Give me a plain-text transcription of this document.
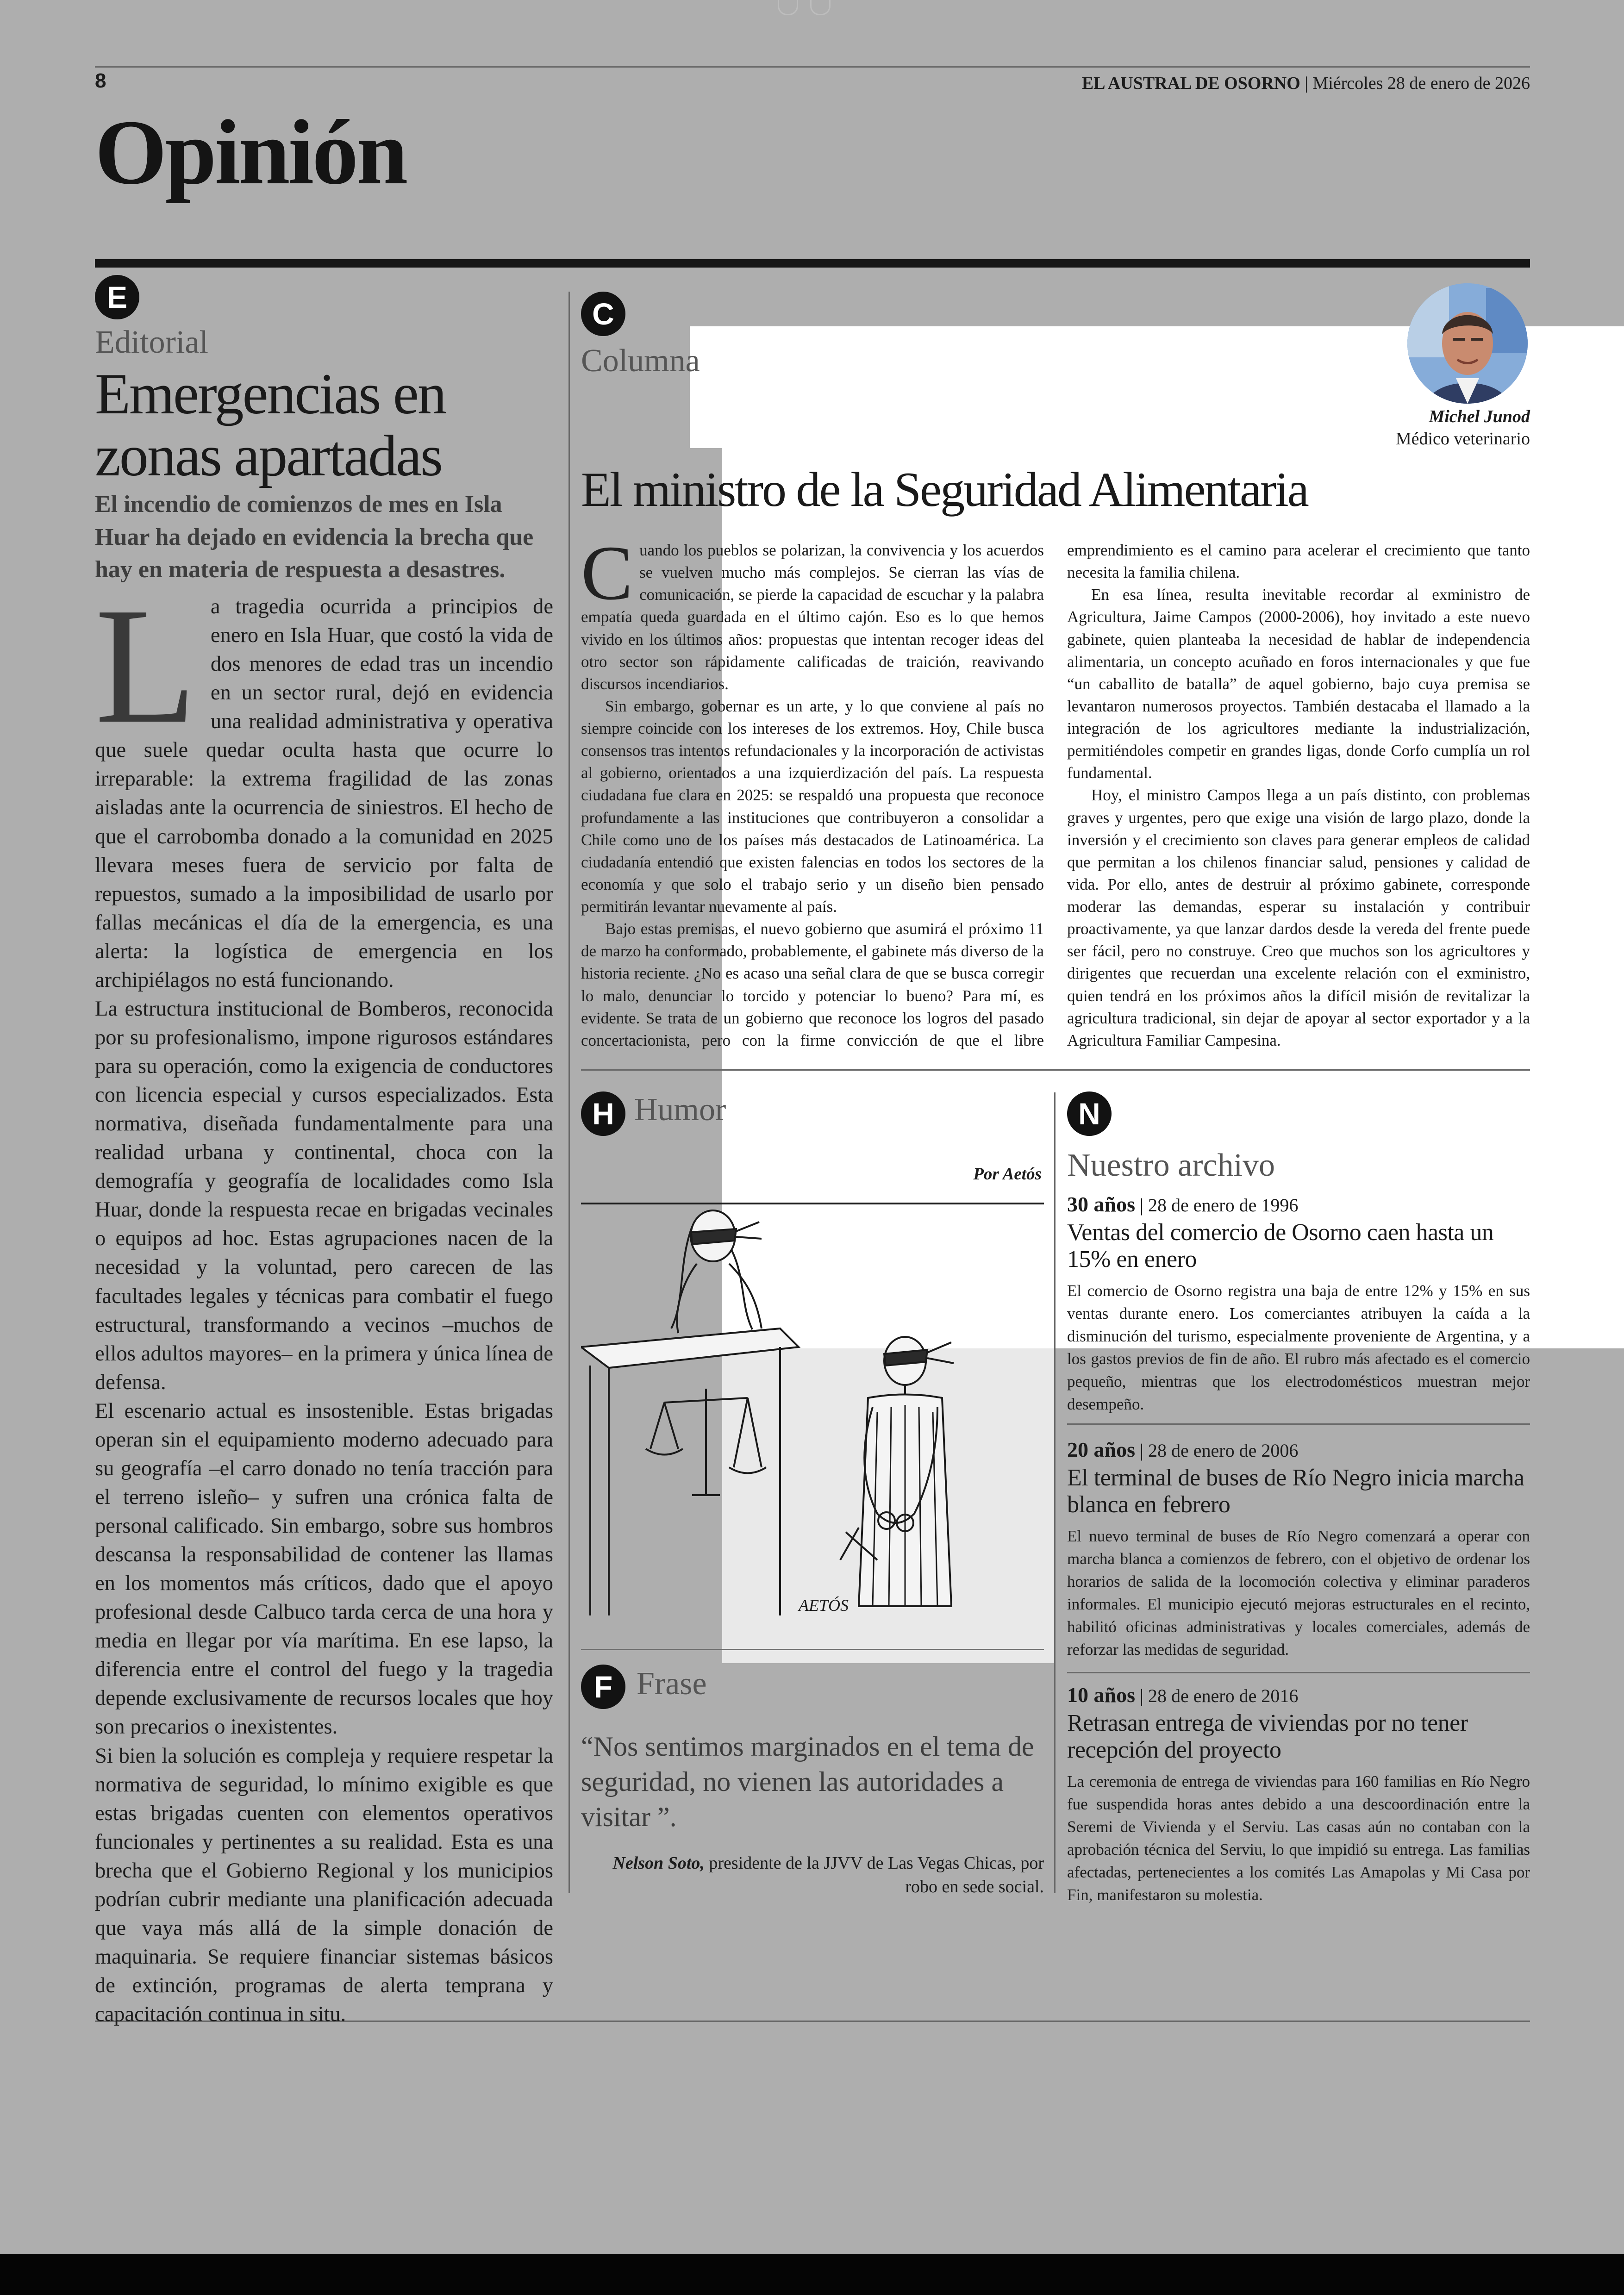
8	EL AUSTRAL DE OSORNO | Miércoles 28 de enero de 2026
Opinión
E
Editorial
Emergencias en zonas apartadas
El incendio de comienzos de mes en Isla Huar ha dejado en evidencia la brecha que hay en materia de respuesta a desastres.

La tragedia ocurrida a principios de enero en Isla Huar, que costó la vida de dos menores de edad tras un incendio en un sector rural, dejó en evidencia una realidad administrativa y operativa que suele quedar oculta hasta que ocurre lo irreparable: la extrema fragilidad de las zonas aisladas ante la ocurrencia de siniestros. El hecho de que el carrobomba donado a la comunidad en 2025 llevara meses fuera de servicio por falta de repuestos, sumado a la imposibilidad de usarlo por fallas mecánicas el día de la emergencia, es una alerta: la logística de emergencia en los archipiélagos no está funcionando.

La estructura institucional de Bomberos, reconocida por su profesionalismo, impone rigurosos estándares para su operación, como la exigencia de conductores con licencia especial y cursos especializados. Esta normativa, diseñada fundamentalmente para una realidad urbana y continental, choca con la demografía y geografía de localidades como Isla Huar, donde la respuesta recae en brigadas vecinales o equipos ad hoc. Estas agrupaciones nacen de la necesidad y la voluntad, pero carecen de las facultades legales y técnicas para combatir el fuego estructural, transformando a vecinos –muchos de ellos adultos mayores– en la primera y única línea de defensa.

El escenario actual es insostenible. Estas brigadas operan sin el equipamiento moderno adecuado para su geografía –el carro donado no tenía tracción para el terreno isleño– y sufren una crónica falta de personal calificado. Sin embargo, sobre sus hombros descansa la responsabilidad de contener las llamas en los momentos más críticos, dado que el apoyo profesional desde Calbuco tarda cerca de una hora y media en llegar por vía marítima. En ese lapso, la diferencia entre el control del fuego y la tragedia depende exclusivamente de recursos locales que hoy son precarios o inexistentes.

Si bien la solución es compleja y requiere respetar la normativa de seguridad, lo mínimo exigible es que estas brigadas cuenten con elementos operativos funcionales y pertinentes a su realidad. Esta es una brecha que el Gobierno Regional y los municipios podrían cubrir mediante una planificación adecuada que vaya más allá de la simple donación de maquinaria. Se requiere financiar sistemas básicos de extinción, programas de alerta temprana y capacitación continua in situ.

C
Columna
Michel Junod
Médico veterinario
El ministro de la Seguridad Alimentaria

Cuando los pueblos se polarizan, la convivencia y los acuerdos se vuelven mucho más complejos. Se cierran las vías de comunicación, se pierde la capacidad de escuchar y la palabra empatía queda guardada en el último cajón. Eso es lo que hemos vivido en los últimos años: propuestas que intentan recoger ideas del otro sector son rápidamente calificadas de traición, reavivando discursos incendiarios.

Sin embargo, gobernar es un arte, y lo que conviene al país no siempre coincide con los intereses de los extremos. Hoy, Chile busca consensos tras intentos refundacionales y la incorporación de activistas al gobierno, orientados a una izquierdización del país. La respuesta ciudadana fue clara en 2025: se respaldó una propuesta que reconoce profundamente a las instituciones que contribuyeron a consolidar a Chile como uno de los países más destacados de Latinoamérica. La ciudadanía entendió que existen falencias en todos los sectores de la economía y que solo el trabajo serio y un diseño bien pensado permitirán levantar nuevamente al país.

Bajo estas premisas, el nuevo gobierno que asumirá el próximo 11 de marzo ha conformado, probablemente, el gabinete más diverso de la historia reciente. ¿No es acaso una señal clara de que se busca corregir lo malo, denunciar lo torcido y potenciar lo bueno? Para mí, es evidente. Se trata de un gobierno que reconoce los logros del pasado concertacionista, pero con la firme convicción de que el libre emprendimiento es el camino para acelerar el crecimiento que tanto necesita la familia chilena.

En esa línea, resulta inevitable recordar al exministro de Agricultura, Jaime Campos (2000-2006), hoy invitado a este nuevo gabinete, quien planteaba la necesidad de hablar de independencia alimentaria, un concepto acuñado en foros internacionales y que fue “un caballito de batalla” de aquel gobierno, bajo cuya premisa se levantaron numerosos proyectos. También destacaba el llamado a la integración de los agricultores mediante la industrialización, permitiéndoles competir en grandes ligas, donde Corfo cumplía un rol fundamental.

Hoy, el ministro Campos llega a un país distinto, con problemas graves y urgentes, pero que exige una visión de largo plazo, donde la inversión y el crecimiento son claves para generar empleos de calidad que permitan a los chilenos financiar salud, pensiones y calidad de vida. Por ello, antes de destruir al próximo gabinete, corresponde moderar las demandas, esperar su instalación y contribuir proactivamente, ya que lanzar dardos desde la vereda del frente puede ser fácil, pero no construye. Creo que muchos son los agricultores y dirigentes que recuerdan una excelente relación con el exministro, quien tendrá en los próximos años la difícil misión de revitalizar la agricultura tradicional, sin dejar de apoyar al sector exportador y a la Agricultura Familiar Campesina.

H Humor
Por Aetós
AETÓS
F Frase
“Nos sentimos marginados en el tema de seguridad, no vienen las autoridades a visitar ”.
Nelson Soto, presidente de la JJVV de Las Vegas Chicas, por robo en sede social.
N
Nuestro archivo
30 años | 28 de enero de 1996
Ventas del comercio de Osorno caen hasta un 15% en enero
El comercio de Osorno registra una baja de entre 12% y 15% en sus ventas durante enero. Los comerciantes atribuyen la caída a la disminución del turismo, especialmente proveniente de Argentina, y a los gastos previos de fin de año. El rubro más afectado es el comercio pequeño, mientras que los electrodomésticos muestran mejor desempeño.
20 años | 28 de enero de 2006
El terminal de buses de Río Negro inicia marcha blanca en febrero
El nuevo terminal de buses de Río Negro comenzará a operar con marcha blanca a comienzos de febrero, con el objetivo de ordenar los horarios de salida de la locomoción colectiva y eliminar paraderos informales. El municipio ejecutó mejoras estructurales en el recinto, habilitó oficinas administrativas y locales comerciales, además de reforzar las medidas de seguridad.
10 años | 28 de enero de 2016
Retrasan entrega de viviendas por no tener recepción del proyecto
La ceremonia de entrega de viviendas para 160 familias en Río Negro fue suspendida horas antes debido a una descoordinación entre la Seremi de Vivienda y el Serviu. Las casas aún no contaban con la aprobación técnica del Serviu, lo que impidió su entrega. Las familias afectadas, pertenecientes a los comités Las Amapolas y Mi Casa por Fin, manifestaron su molestia.
